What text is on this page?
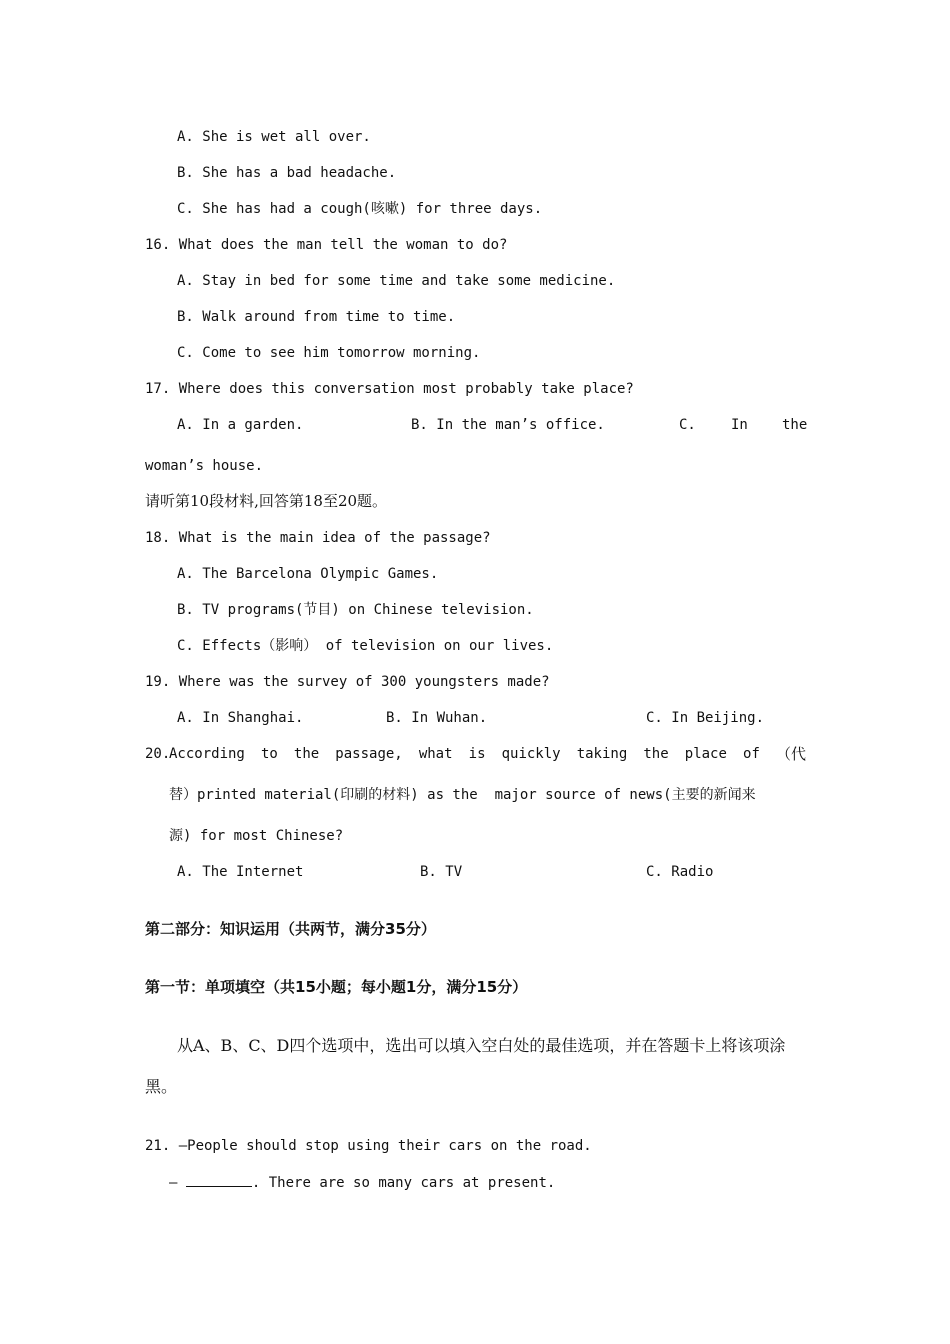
A. She is wet all over.
B. She has a bad headache.
C. She has had a cough(咳嗽) for three days.
16. What does the man tell the woman to do?
A. Stay in bed for some time and take some medicine.
B. Walk around from time to time.
C. Come to see him tomorrow morning.
17. Where does this conversation most probably take place?
A. In a garden.	B. In the man’s office.	C.	In the
woman’s house.
请听第10段材料,回答第18至20题。
18. What is the main idea of the passage?
A. The Barcelona Olympic Games.
B. TV programs(节目) on Chinese television.
C. Effects（影响） of television on our lives.
19. Where was the survey of 300 youngsters made?
A. In Shanghai.	B. In Wuhan.	C. In Beijing.
20.
According to the passage, what is quickly taking the place of （代
替）printed material(印刷的材料) as the  major source of news(主要的新闻来
源) for most Chinese?
A. The Internet	B. TV	C. Radio
第二部分：知识运用（共两节，满分35分）
第一节：单项填空（共15小题；每小题1分，满分15分）
从A、B、C、D四个选项中，选出可以填入空白处的最佳选项，并在答题卡上将该项涂
黑。
21. —People should stop using their cars on the road.
—	. There are so many cars at present.
